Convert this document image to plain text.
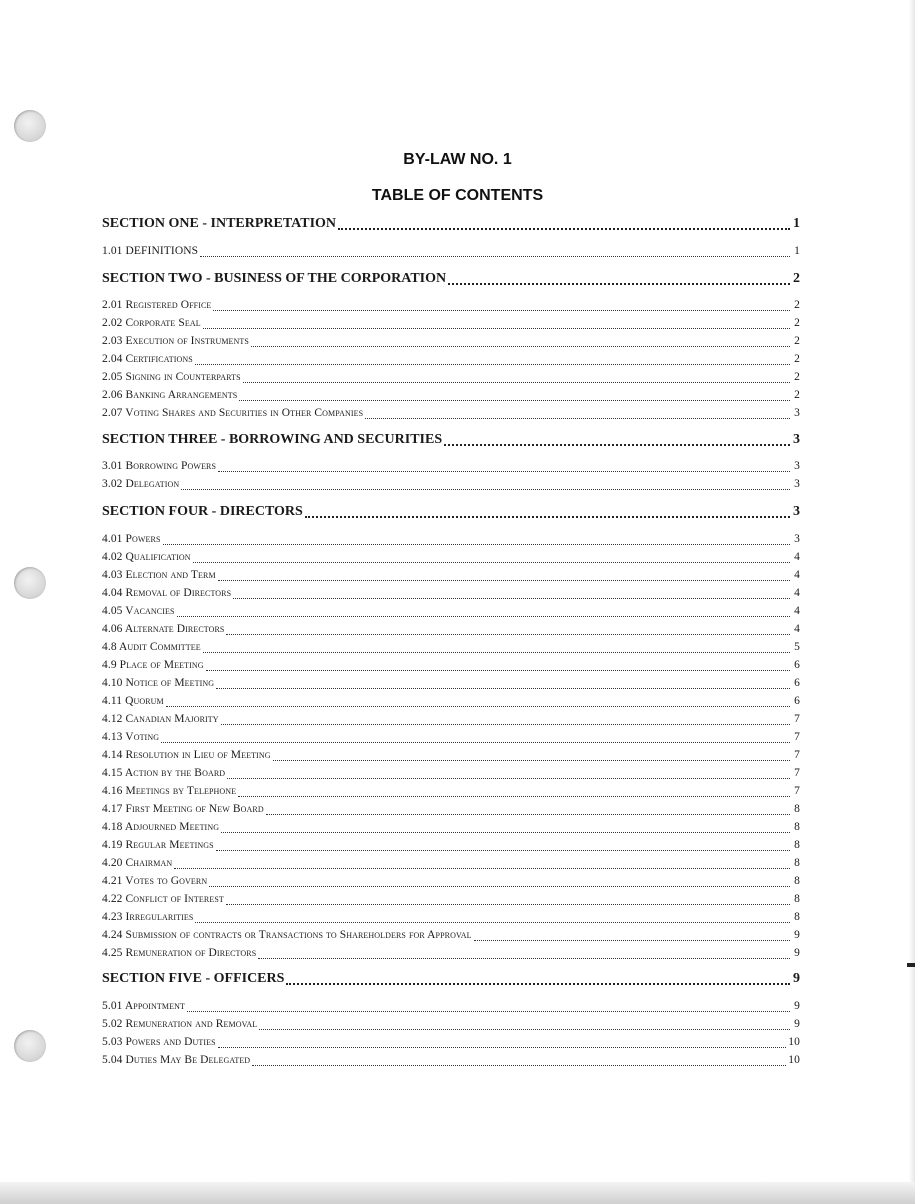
BY-LAW NO. 1
TABLE OF CONTENTS
SECTION ONE - INTERPRETATION	1
1.01 DEFINITIONS	1
SECTION TWO - BUSINESS OF THE CORPORATION	2
2.01 Registered Office	2
2.02 Corporate Seal	2
2.03 Execution of Instruments	2
2.04 Certifications	2
2.05 Signing in Counterparts	2
2.06 Banking Arrangements	2
2.07 Voting Shares and Securities in Other Companies	3
SECTION THREE - BORROWING AND SECURITIES	3
3.01 Borrowing Powers	3
3.02 Delegation	3
SECTION FOUR - DIRECTORS	3
4.01 Powers	3
4.02 Qualification	4
4.03 Election and Term	4
4.04 Removal of Directors	4
4.05 Vacancies	4
4.06 Alternate Directors	4
4.8 Audit Committee	5
4.9 Place of Meeting	6
4.10 Notice of Meeting	6
4.11 Quorum	6
4.12 Canadian Majority	7
4.13 Voting	7
4.14 Resolution in Lieu of Meeting	7
4.15 Action by the Board	7
4.16 Meetings by Telephone	7
4.17 First Meeting of New Board	8
4.18 Adjourned Meeting	8
4.19 Regular Meetings	8
4.20 Chairman	8
4.21 Votes to Govern	8
4.22 Conflict of Interest	8
4.23 Irregularities	8
4.24 Submission of contracts or Transactions to Shareholders for Approval	9
4.25 Remuneration of Directors	9
SECTION FIVE - OFFICERS	9
5.01 Appointment	9
5.02 Remuneration and Removal	9
5.03 Powers and Duties	10
5.04 Duties May Be Delegated	10
